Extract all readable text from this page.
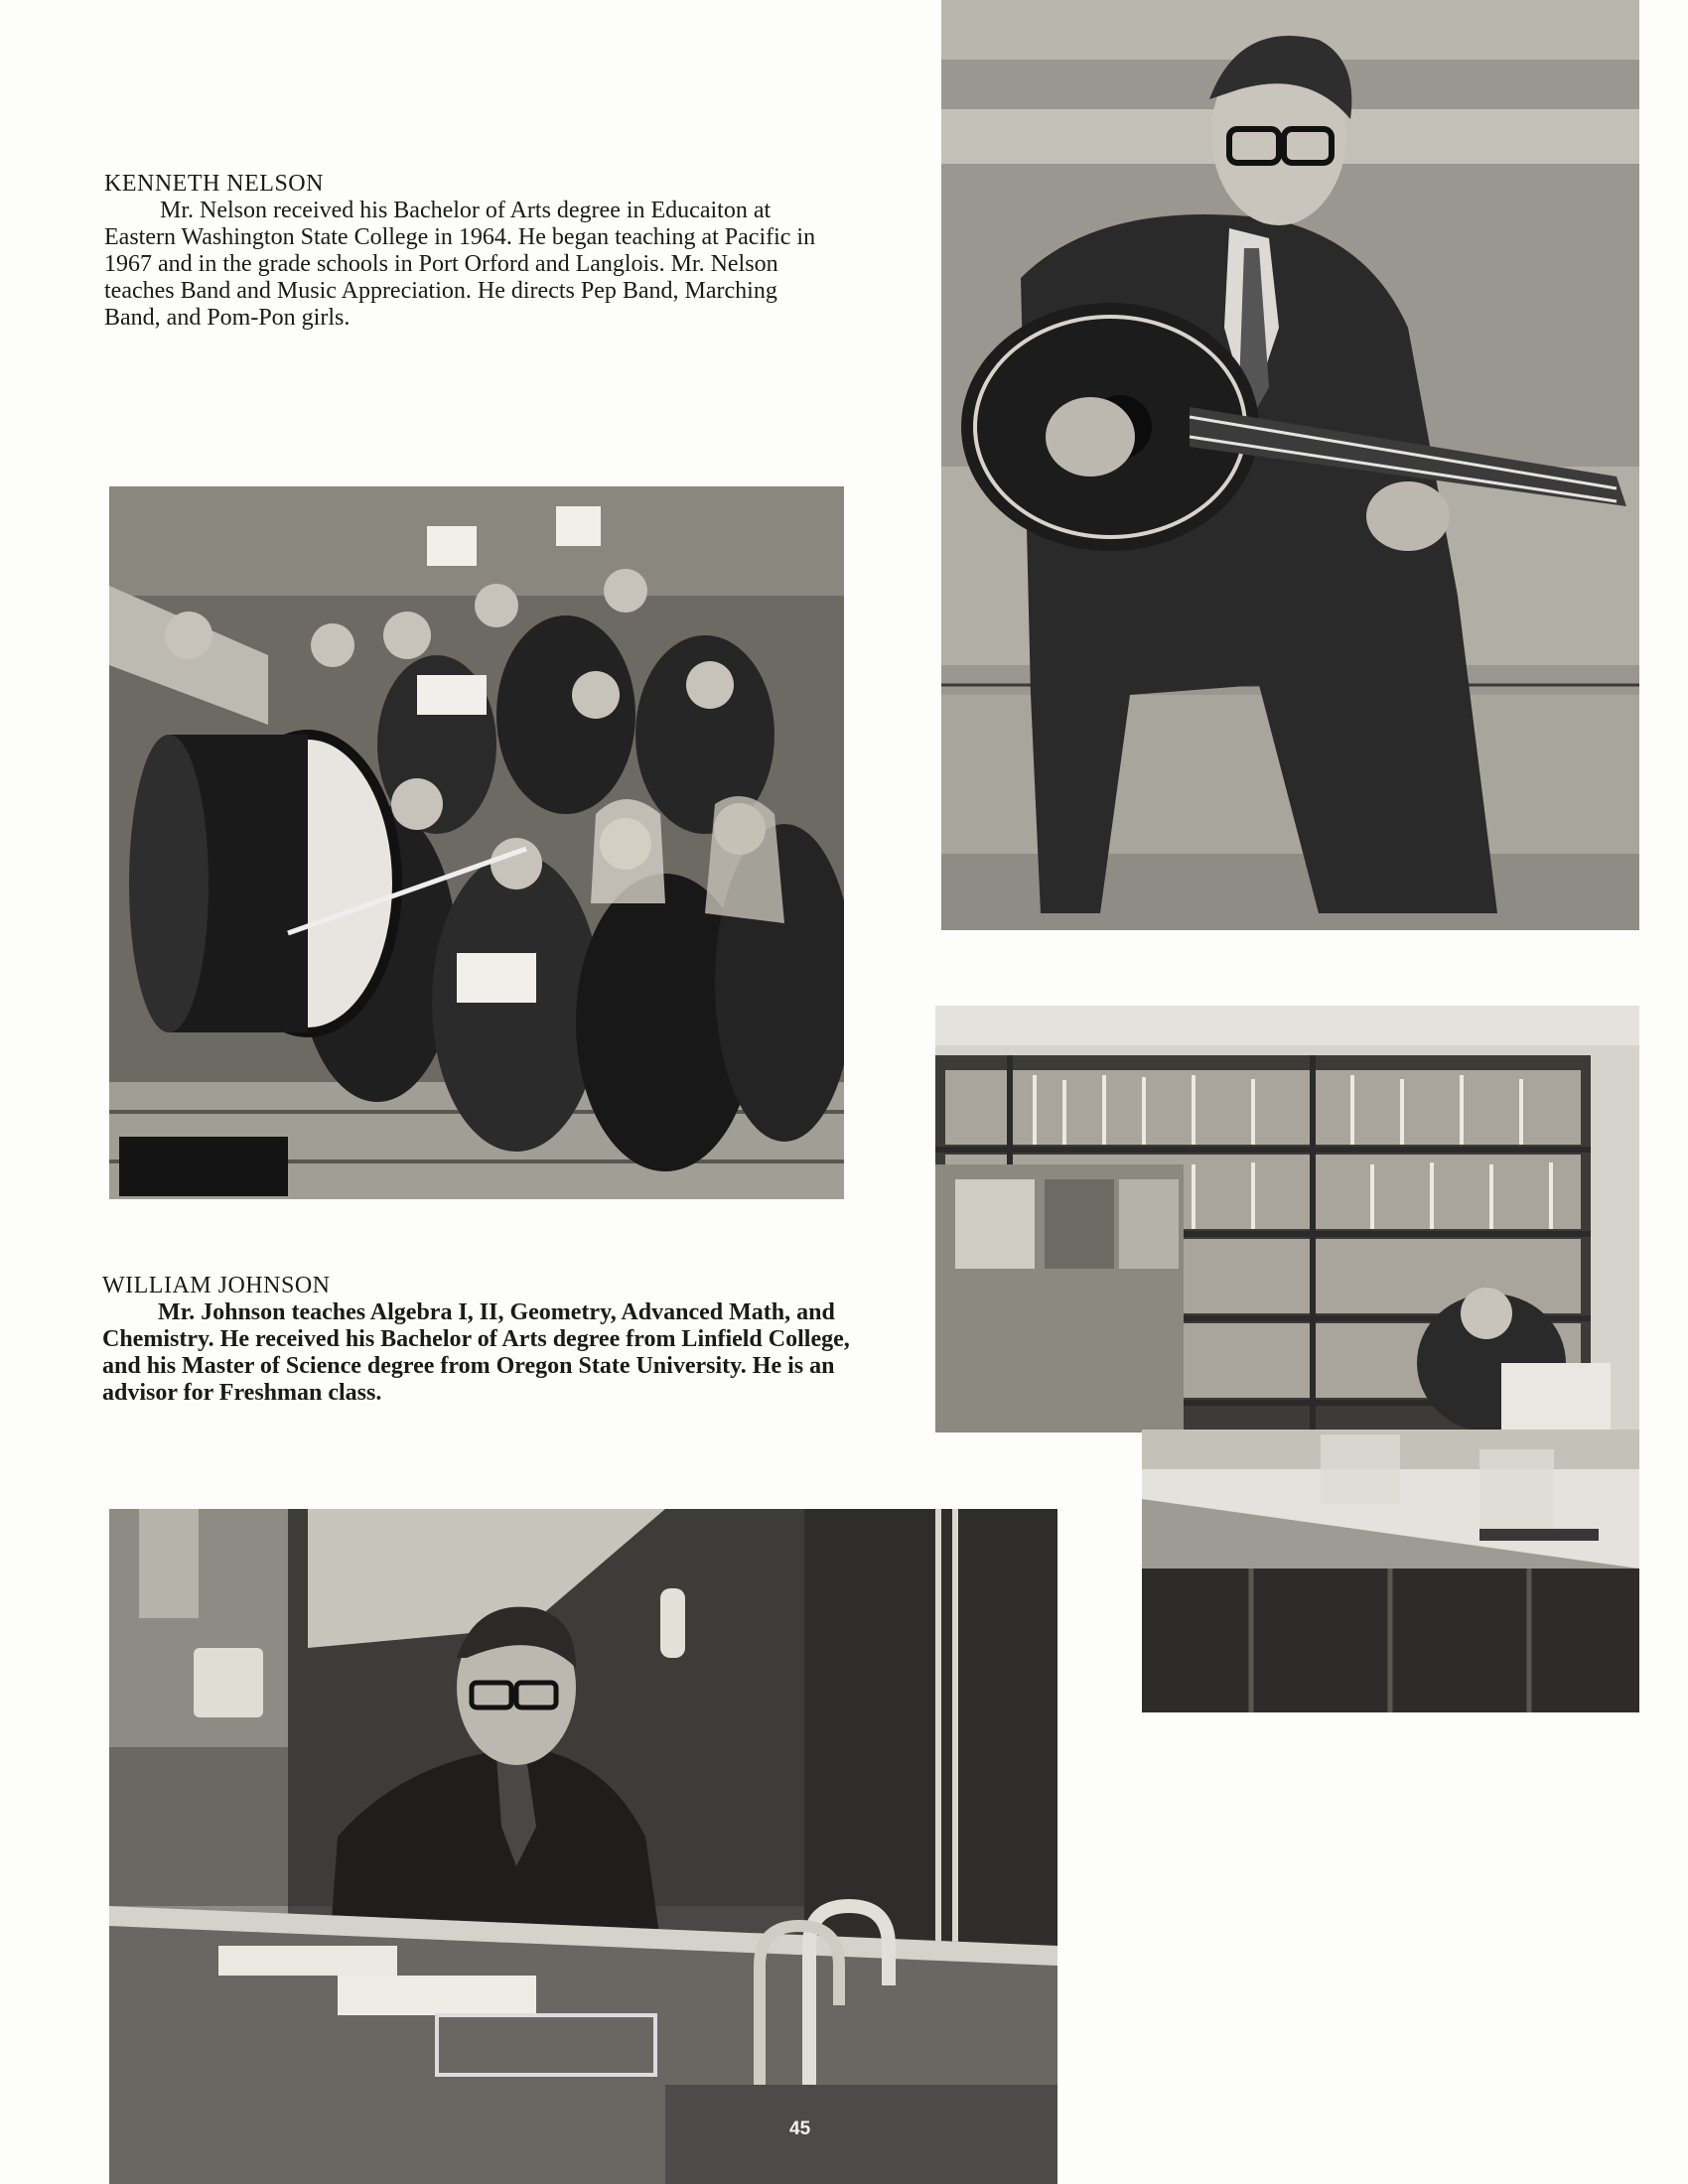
KENNETH NELSON
Mr. Nelson received his Bachelor of Arts degree in Educaiton at Eastern Washington State College in 1964. He began teaching at Pacific in 1967 and in the grade schools in Port Orford and Langlois. Mr. Nelson teaches Band and Music Appreciation. He directs Pep Band, Marching Band, and Pom-Pon girls.
WILLIAM JOHNSON
Mr. Johnson teaches Algebra I, II, Geometry, Advanced Math, and Chemistry. He received his Bachelor of Arts degree from Linfield College, and his Master of Science degree from Oregon State University. He is an advisor for Freshman class.
45
